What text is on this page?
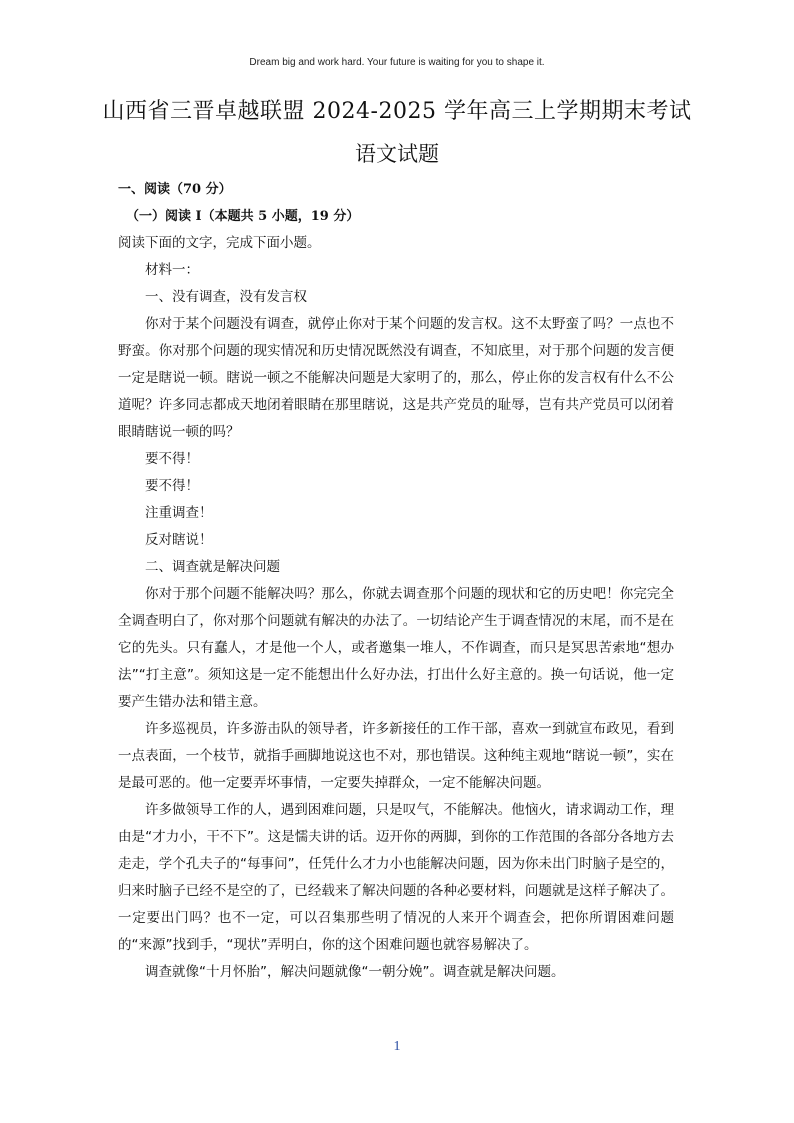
Dream big and work hard. Your future is waiting for you to shape it.
山西省三晋卓越联盟 2024-2025 学年高三上学期期末考试
语文试题

一、阅读（70 分）

（一）阅读 I（本题共 5 小题，19 分）

阅读下面的文字，完成下面小题。

材料一：

一、没有调查，没有发言权

你对于某个问题没有调查，就停止你对于某个问题的发言权。这不太野蛮了吗？一点也不野蛮。你对那个问题的现实情况和历史情况既然没有调查，不知底里，对于那个问题的发言便一定是瞎说一顿。瞎说一顿之不能解决问题是大家明了的，那么，停止你的发言权有什么不公道呢？许多同志都成天地闭着眼睛在那里瞎说，这是共产党员的耻辱，岂有共产党员可以闭着眼睛瞎说一顿的吗？

要不得！

要不得！

注重调查！

反对瞎说！

二、调查就是解决问题

你对于那个问题不能解决吗？那么，你就去调查那个问题的现状和它的历史吧！你完完全全调查明白了，你对那个问题就有解决的办法了。一切结论产生于调查情况的末尾，而不是在它的先头。只有蠢人，才是他一个人，或者邀集一堆人，不作调查，而只是冥思苦索地“想办法”“打主意”。须知这是一定不能想出什么好办法，打出什么好主意的。换一句话说，他一定要产生错办法和错主意。

许多巡视员，许多游击队的领导者，许多新接任的工作干部，喜欢一到就宣布政见，看到一点表面，一个枝节，就指手画脚地说这也不对，那也错误。这种纯主观地“瞎说一顿”，实在是最可恶的。他一定要弄坏事情，一定要失掉群众，一定不能解决问题。

许多做领导工作的人，遇到困难问题，只是叹气，不能解决。他恼火，请求调动工作，理由是“才力小，干不下”。这是懦夫讲的话。迈开你的两脚，到你的工作范围的各部分各地方去走走，学个孔夫子的“每事问”，任凭什么才力小也能解决问题，因为你未出门时脑子是空的，归来时脑子已经不是空的了，已经载来了解决问题的各种必要材料，问题就是这样子解决了。一定要出门吗？也不一定，可以召集那些明了情况的人来开个调查会，把你所谓困难问题的“来源”找到手，“现状”弄明白，你的这个困难问题也就容易解决了。

调查就像“十月怀胎”，解决问题就像“一朝分娩”。调查就是解决问题。

1
